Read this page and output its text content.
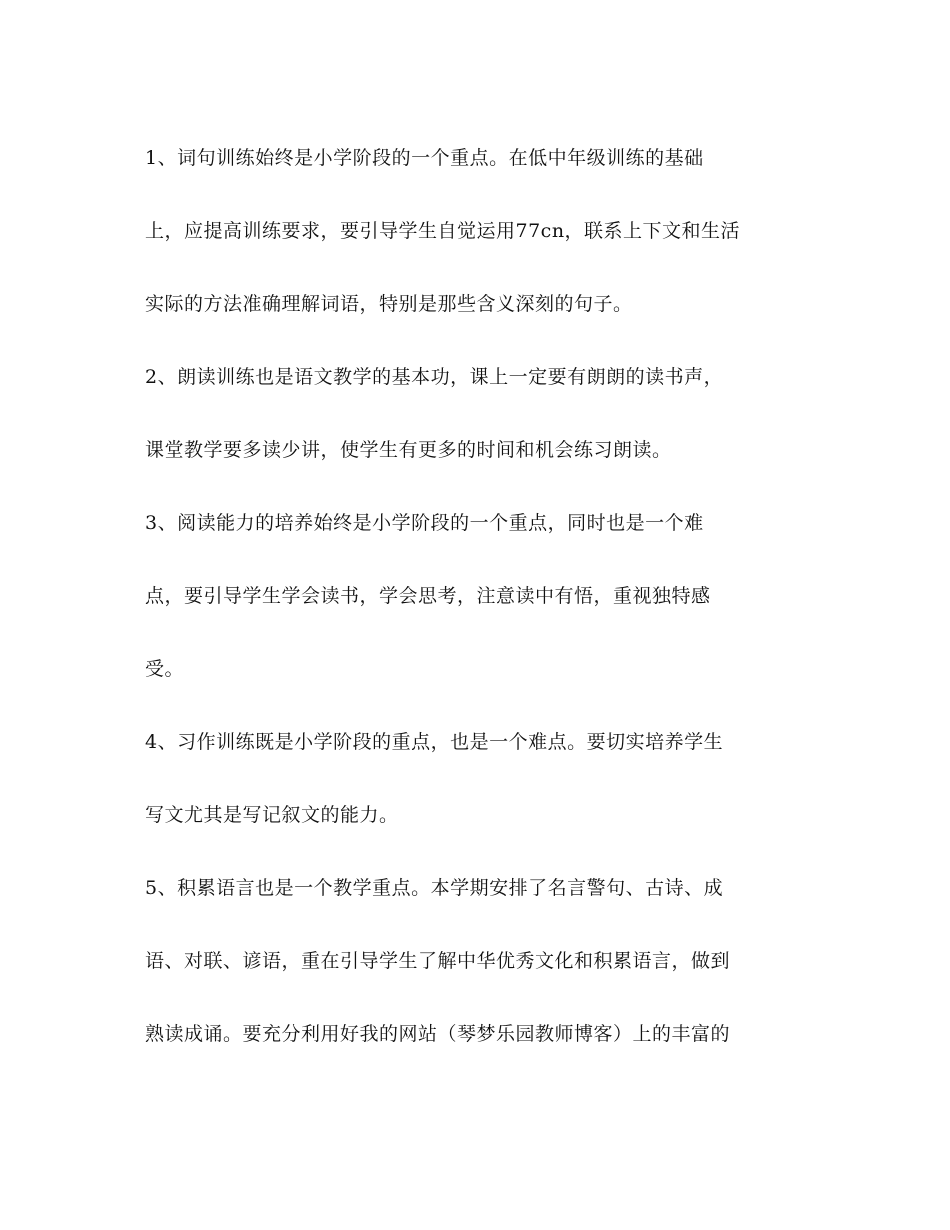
1、词句训练始终是小学阶段的一个重点。在低中年级训练的基础
上，应提高训练要求，要引导学生自觉运用77cn，联系上下文和生活
实际的方法准确理解词语，特别是那些含义深刻的句子。
2、朗读训练也是语文教学的基本功，课上一定要有朗朗的读书声，
课堂教学要多读少讲，使学生有更多的时间和机会练习朗读。
3、阅读能力的培养始终是小学阶段的一个重点，同时也是一个难
点，要引导学生学会读书，学会思考，注意读中有悟，重视独特感
受。
4、习作训练既是小学阶段的重点，也是一个难点。要切实培养学生
写文尤其是写记叙文的能力。
5、积累语言也是一个教学重点。本学期安排了名言警句、古诗、成
语、对联、谚语，重在引导学生了解中华优秀文化和积累语言，做到
熟读成诵。要充分利用好我的网站（琴梦乐园教师博客）上的丰富的
